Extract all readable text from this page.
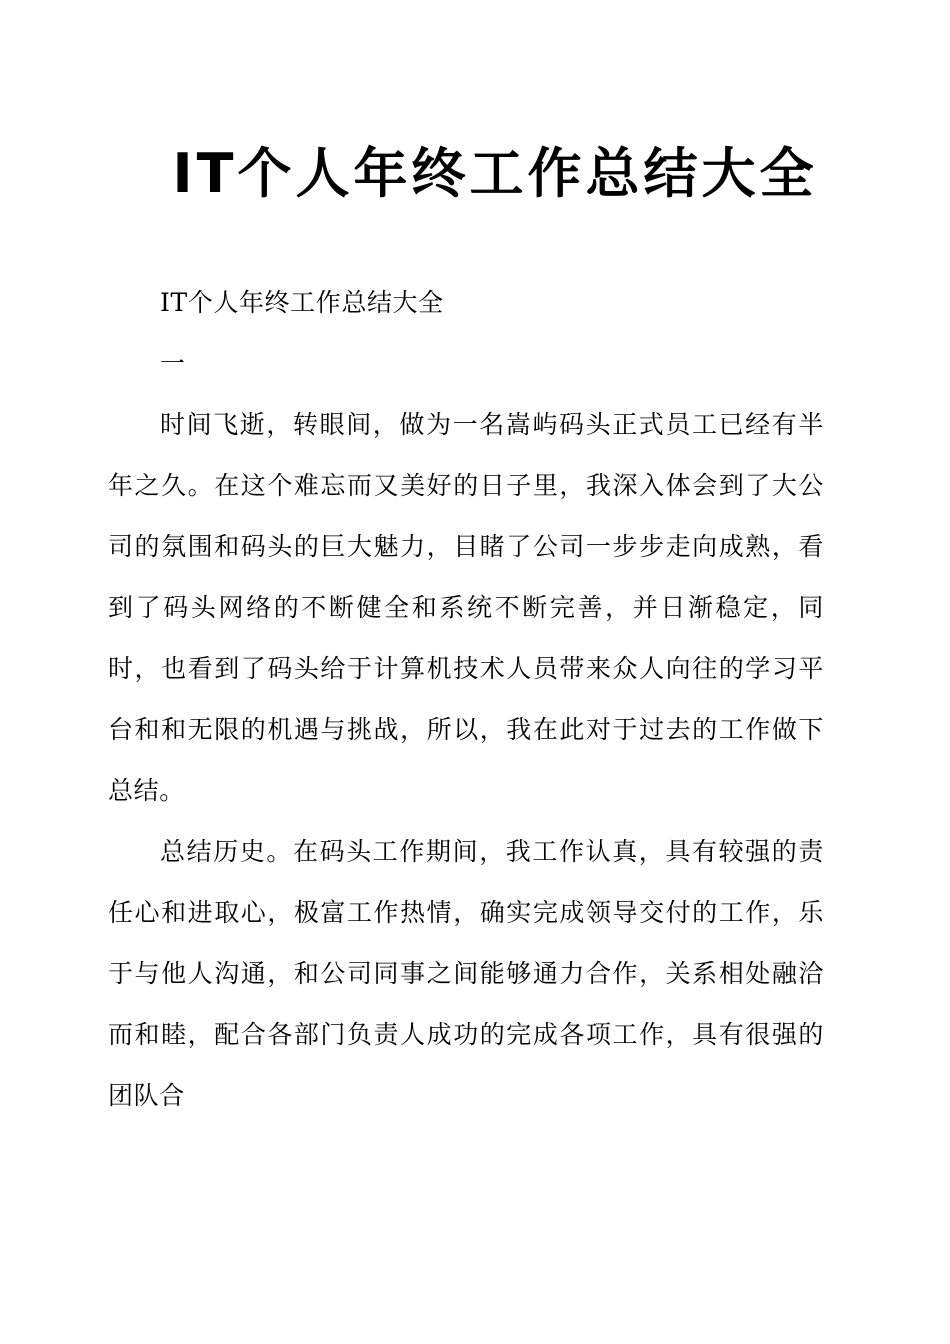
IT个人年终工作总结大全

IT个人年终工作总结大全

一

时间飞逝，转眼间，做为一名嵩屿码头正式员工已经有半年之久。在这个难忘而又美好的日子里，我深入体会到了大公司的氛围和码头的巨大魅力，目睹了公司一步步走向成熟，看到了码头网络的不断健全和系统不断完善，并日渐稳定，同时，也看到了码头给于计算机技术人员带来众人向往的学习平台和和无限的机遇与挑战，所以，我在此对于过去的工作做下总结。

总结历史。在码头工作期间，我工作认真，具有较强的责任心和进取心，极富工作热情，确实完成领导交付的工作，乐于与他人沟通，和公司同事之间能够通力合作，关系相处融洽而和睦，配合各部门负责人成功的完成各项工作，具有很强的团队合
